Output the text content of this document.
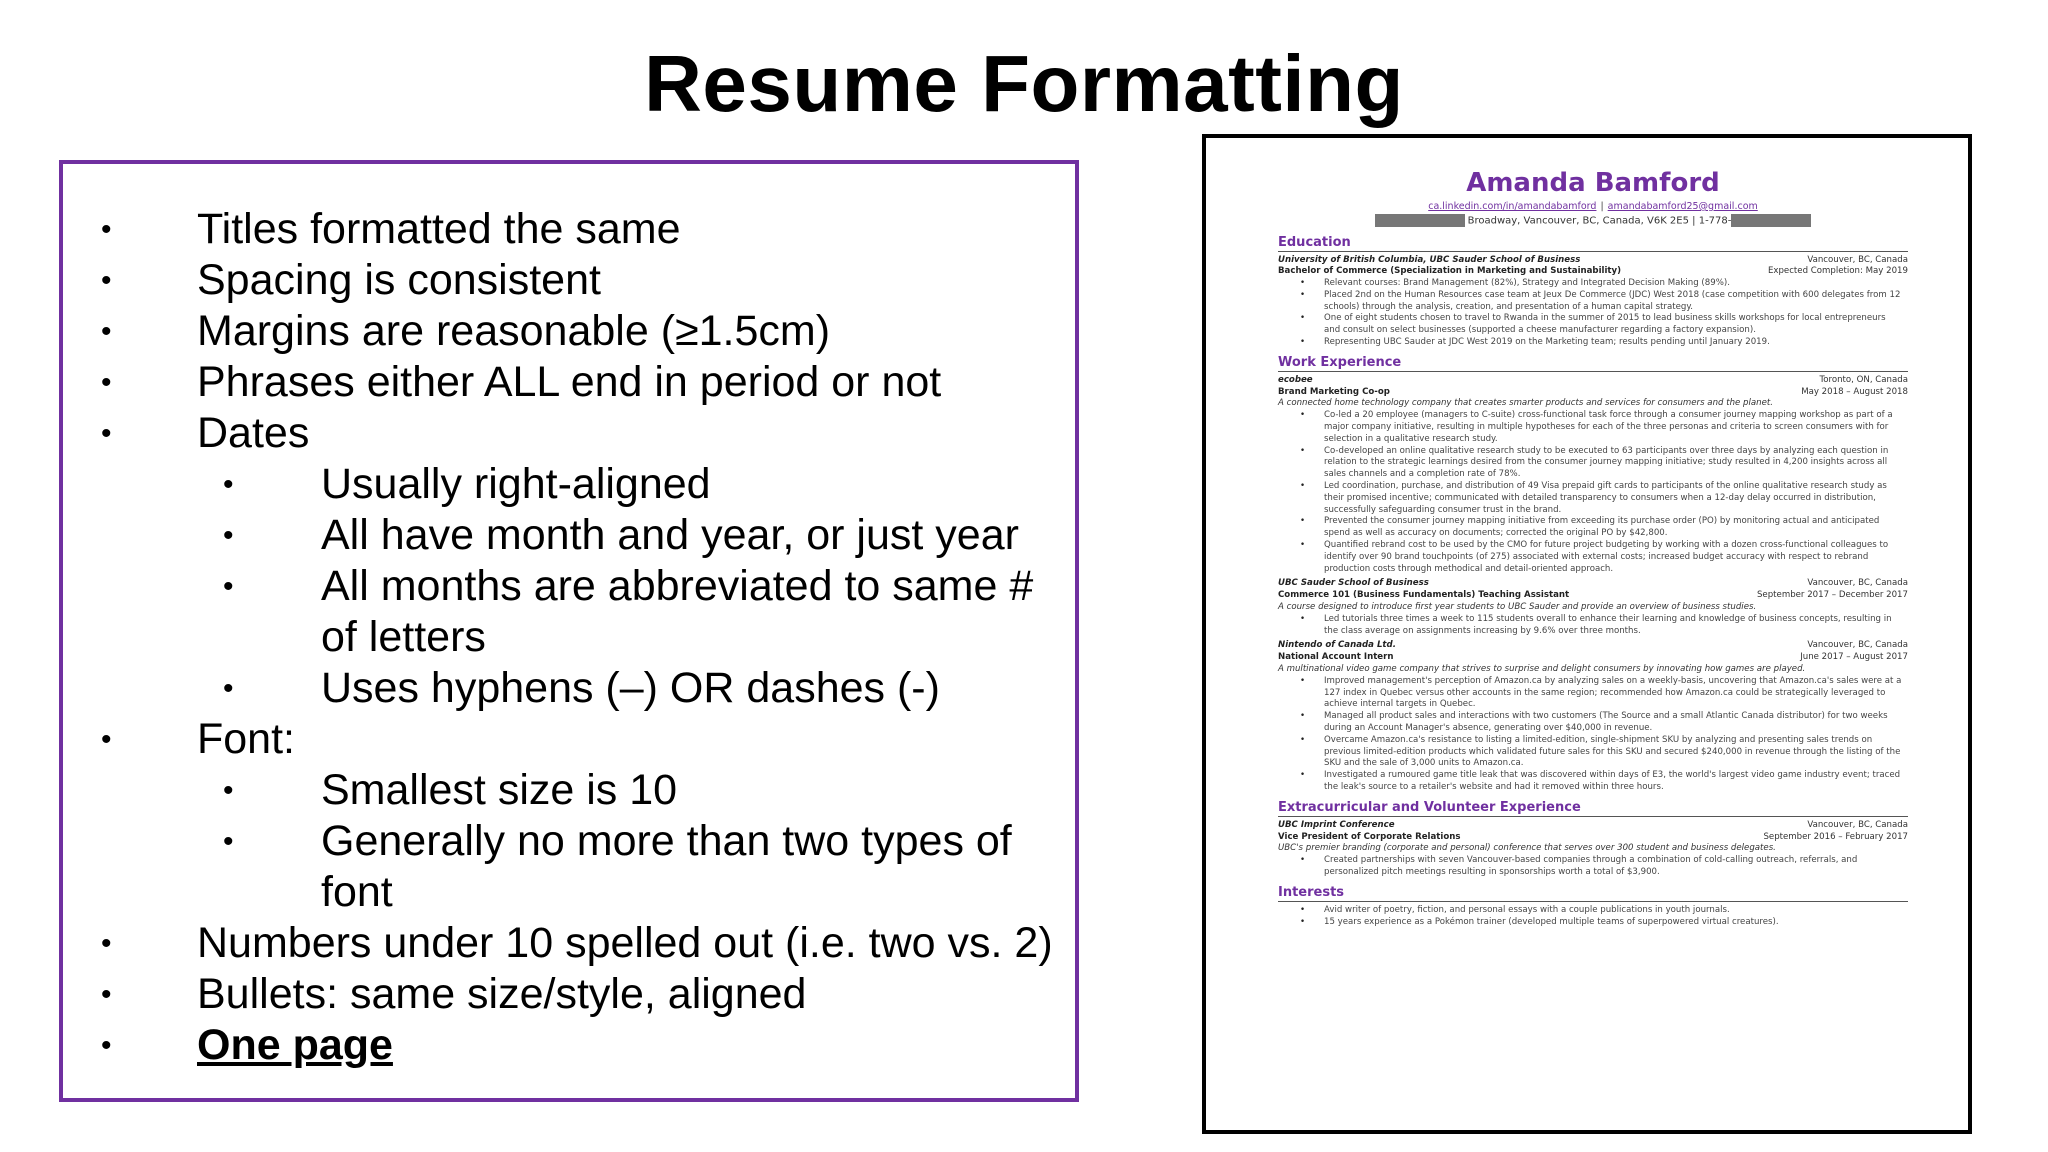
Resume Formatting
• Titles formatted the same
• Spacing is consistent
• Margins are reasonable (≥1.5cm)
• Phrases either ALL end in period or not
• Dates
• Usually right-aligned
• All have month and year, or just year
• All months are abbreviated to same # of letters
• Uses hyphens (–) OR dashes (-)
• Font:
• Smallest size is 10
• Generally no more than two types of font
• Numbers under 10 spelled out (i.e. two vs. 2)
• Bullets: same size/style, aligned
• One page
Amanda Bamford
ca.linkedin.com/in/amandabamford | amandabamford25@gmail.com
Broadway, Vancouver, BC, Canada, V6K 2E5 | 1-778-
Education
University of British Columbia, UBC Sauder School of Business	Vancouver, BC, Canada
Bachelor of Commerce (Specialization in Marketing and Sustainability)	Expected Completion: May 2019
• Relevant courses: Brand Management (82%), Strategy and Integrated Decision Making (89%).
• Placed 2nd on the Human Resources case team at Jeux De Commerce (JDC) West 2018 (case competition with 600 delegates from 12 schools) through the analysis, creation, and presentation of a human capital strategy.
• One of eight students chosen to travel to Rwanda in the summer of 2015 to lead business skills workshops for local entrepreneurs and consult on select businesses (supported a cheese manufacturer regarding a factory expansion).
• Representing UBC Sauder at JDC West 2019 on the Marketing team; results pending until January 2019.
Work Experience
ecobee	Toronto, ON, Canada
Brand Marketing Co-op	May 2018 – August 2018
A connected home technology company that creates smarter products and services for consumers and the planet.
• Co-led a 20 employee (managers to C-suite) cross-functional task force through a consumer journey mapping workshop as part of a major company initiative, resulting in multiple hypotheses for each of the three personas and criteria to screen consumers with for selection in a qualitative research study.
• Co-developed an online qualitative research study to be executed to 63 participants over three days by analyzing each question in relation to the strategic learnings desired from the consumer journey mapping initiative; study resulted in 4,200 insights across all sales channels and a completion rate of 78%.
• Led coordination, purchase, and distribution of 49 Visa prepaid gift cards to participants of the online qualitative research study as their promised incentive; communicated with detailed transparency to consumers when a 12-day delay occurred in distribution, successfully safeguarding consumer trust in the brand.
• Prevented the consumer journey mapping initiative from exceeding its purchase order (PO) by monitoring actual and anticipated spend as well as accuracy on documents; corrected the original PO by $42,800.
• Quantified rebrand cost to be used by the CMO for future project budgeting by working with a dozen cross-functional colleagues to identify over 90 brand touchpoints (of 275) associated with external costs; increased budget accuracy with respect to rebrand production costs through methodical and detail-oriented approach.
UBC Sauder School of Business	Vancouver, BC, Canada
Commerce 101 (Business Fundamentals) Teaching Assistant	September 2017 – December 2017
A course designed to introduce first year students to UBC Sauder and provide an overview of business studies.
• Led tutorials three times a week to 115 students overall to enhance their learning and knowledge of business concepts, resulting in the class average on assignments increasing by 9.6% over three months.
Nintendo of Canada Ltd.	Vancouver, BC, Canada
National Account Intern	June 2017 – August 2017
A multinational video game company that strives to surprise and delight consumers by innovating how games are played.
• Improved management's perception of Amazon.ca by analyzing sales on a weekly-basis, uncovering that Amazon.ca's sales were at a 127 index in Quebec versus other accounts in the same region; recommended how Amazon.ca could be strategically leveraged to achieve internal targets in Quebec.
• Managed all product sales and interactions with two customers (The Source and a small Atlantic Canada distributor) for two weeks during an Account Manager's absence, generating over $40,000 in revenue.
• Overcame Amazon.ca's resistance to listing a limited-edition, single-shipment SKU by analyzing and presenting sales trends on previous limited-edition products which validated future sales for this SKU and secured $240,000 in revenue through the listing of the SKU and the sale of 3,000 units to Amazon.ca.
• Investigated a rumoured game title leak that was discovered within days of E3, the world's largest video game industry event; traced the leak's source to a retailer's website and had it removed within three hours.
Extracurricular and Volunteer Experience
UBC Imprint Conference	Vancouver, BC, Canada
Vice President of Corporate Relations	September 2016 – February 2017
UBC's premier branding (corporate and personal) conference that serves over 300 student and business delegates.
• Created partnerships with seven Vancouver-based companies through a combination of cold-calling outreach, referrals, and personalized pitch meetings resulting in sponsorships worth a total of $3,900.
Interests
• Avid writer of poetry, fiction, and personal essays with a couple publications in youth journals.
• 15 years experience as a Pokémon trainer (developed multiple teams of superpowered virtual creatures).
